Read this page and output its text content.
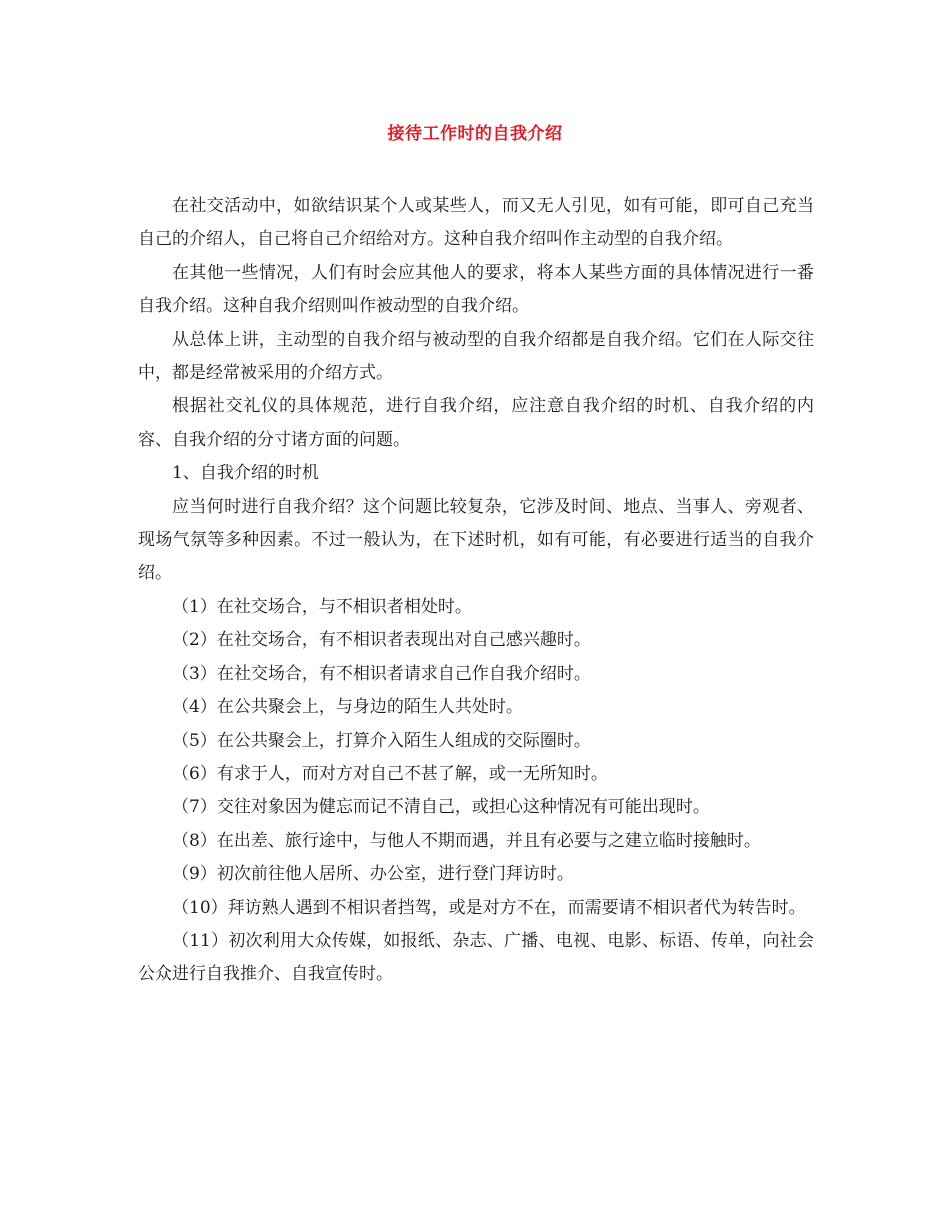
接待工作时的自我介绍

在社交活动中，如欲结识某个人或某些人，而又无人引见，如有可能，即可自己充当自己的介绍人，自己将自己介绍给对方。这种自我介绍叫作主动型的自我介绍。

在其他一些情况，人们有时会应其他人的要求，将本人某些方面的具体情况进行一番自我介绍。这种自我介绍则叫作被动型的自我介绍。

从总体上讲，主动型的自我介绍与被动型的自我介绍都是自我介绍。它们在人际交往中，都是经常被采用的介绍方式。

根据社交礼仪的具体规范，进行自我介绍，应注意自我介绍的时机、自我介绍的内容、自我介绍的分寸诸方面的问题。

1、自我介绍的时机

应当何时进行自我介绍？这个问题比较复杂，它涉及时间、地点、当事人、旁观者、现场气氛等多种因素。不过一般认为，在下述时机，如有可能，有必要进行适当的自我介绍。

（1）在社交场合，与不相识者相处时。

（2）在社交场合，有不相识者表现出对自己感兴趣时。

（3）在社交场合，有不相识者请求自己作自我介绍时。

（4）在公共聚会上，与身边的陌生人共处时。

（5）在公共聚会上，打算介入陌生人组成的交际圈时。

（6）有求于人，而对方对自己不甚了解，或一无所知时。

（7）交往对象因为健忘而记不清自己，或担心这种情况有可能出现时。

（8）在出差、旅行途中，与他人不期而遇，并且有必要与之建立临时接触时。

（9）初次前往他人居所、办公室，进行登门拜访时。

（10）拜访熟人遇到不相识者挡驾，或是对方不在，而需要请不相识者代为转告时。

（11）初次利用大众传媒，如报纸、杂志、广播、电视、电影、标语、传单，向社会公众进行自我推介、自我宣传时。
